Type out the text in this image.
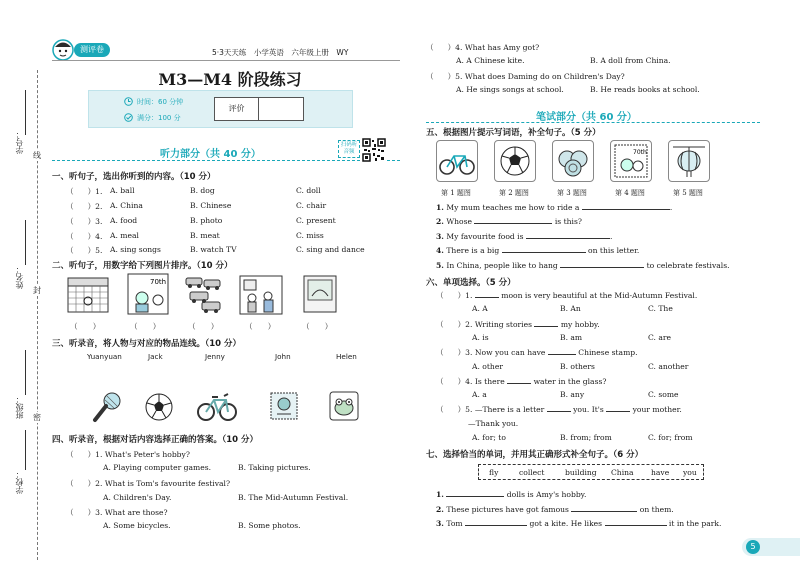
线
封
密
学号：
姓名：
班级：
学校：
测评卷	5·3天天练　小学英语　六年级上册　WY
M3—M4 阶段练习
时间：60 分钟
满分：100 分
评价
听力部分（共 40 分）
扫码听音频
一、听句子，选出你听到的内容。（10 分）
（ ）1. A. ball	B. dog	C. doll
（ ）2. A. China	B. Chinese	C. chair
（ ）3. A. food	B. photo	C. present
（ ）4. A. meal	B. meat	C. miss
（ ）5. A. sing songs	B. watch TV	C. sing and dance
二、听句子，用数字给下列图片排序。（10 分）
70th
（　　）	（　　）	（　　）	（　　）	（　　）
三、听录音，将人物与对应的物品连线。（10 分）
Yuanyuan	Jack	Jenny	John	Helen
四、听录音，根据对话内容选择正确的答案。（10 分）
（ ）1. What's Peter's hobby?
A. Playing computer games.	B. Taking pictures.
（ ）2. What is Tom's favourite festival?
A. Children's Day.	B. The Mid-Autumn Festival.
（ ）3. What are those?
A. Some bicycles.	B. Some photos.
（ ）4. What has Amy got?
A. A Chinese kite.	B. A doll from China.
（ ）5. What does Daming do on Children's Day?
A. He sings songs at school.	B. He reads books at school.
笔试部分（共 60 分）
五、根据图片提示写词语，补全句子。（5 分）
70th
第 1 题图	第 2 题图	第 3 题图	第 4 题图	第 5 题图
1. My mum teaches me how to ride a	.
2. Whose	is this?
3. My favourite food is	.
4. There is a big	on this letter.
5. In China, people like to hang	to celebrate festivals.
六、单项选择。（5 分）
（ ）1.	moon is very beautiful at the Mid-Autumn Festival.
A. A	B. An	C. The
（ ）2. Writing stories	my hobby.
A. is	B. am	C. are
（ ）3. Now you can have	Chinese stamp.
A. other	B. others	C. another
（ ）4. Is there	water in the glass?
A. a	B. any	C. some
（ ）5. —There is a letter	you. It's	your mother.
—Thank you.
A. for; to	B. from; from	C. for; from
七、选择恰当的单词，并用其正确形式补全句子。（6 分）
fly	collect	building China have you
1.	dolls is Amy's hobby.
2. These pictures have got famous	on them.
3. Tom	got a kite. He likes	it in the park.
5
